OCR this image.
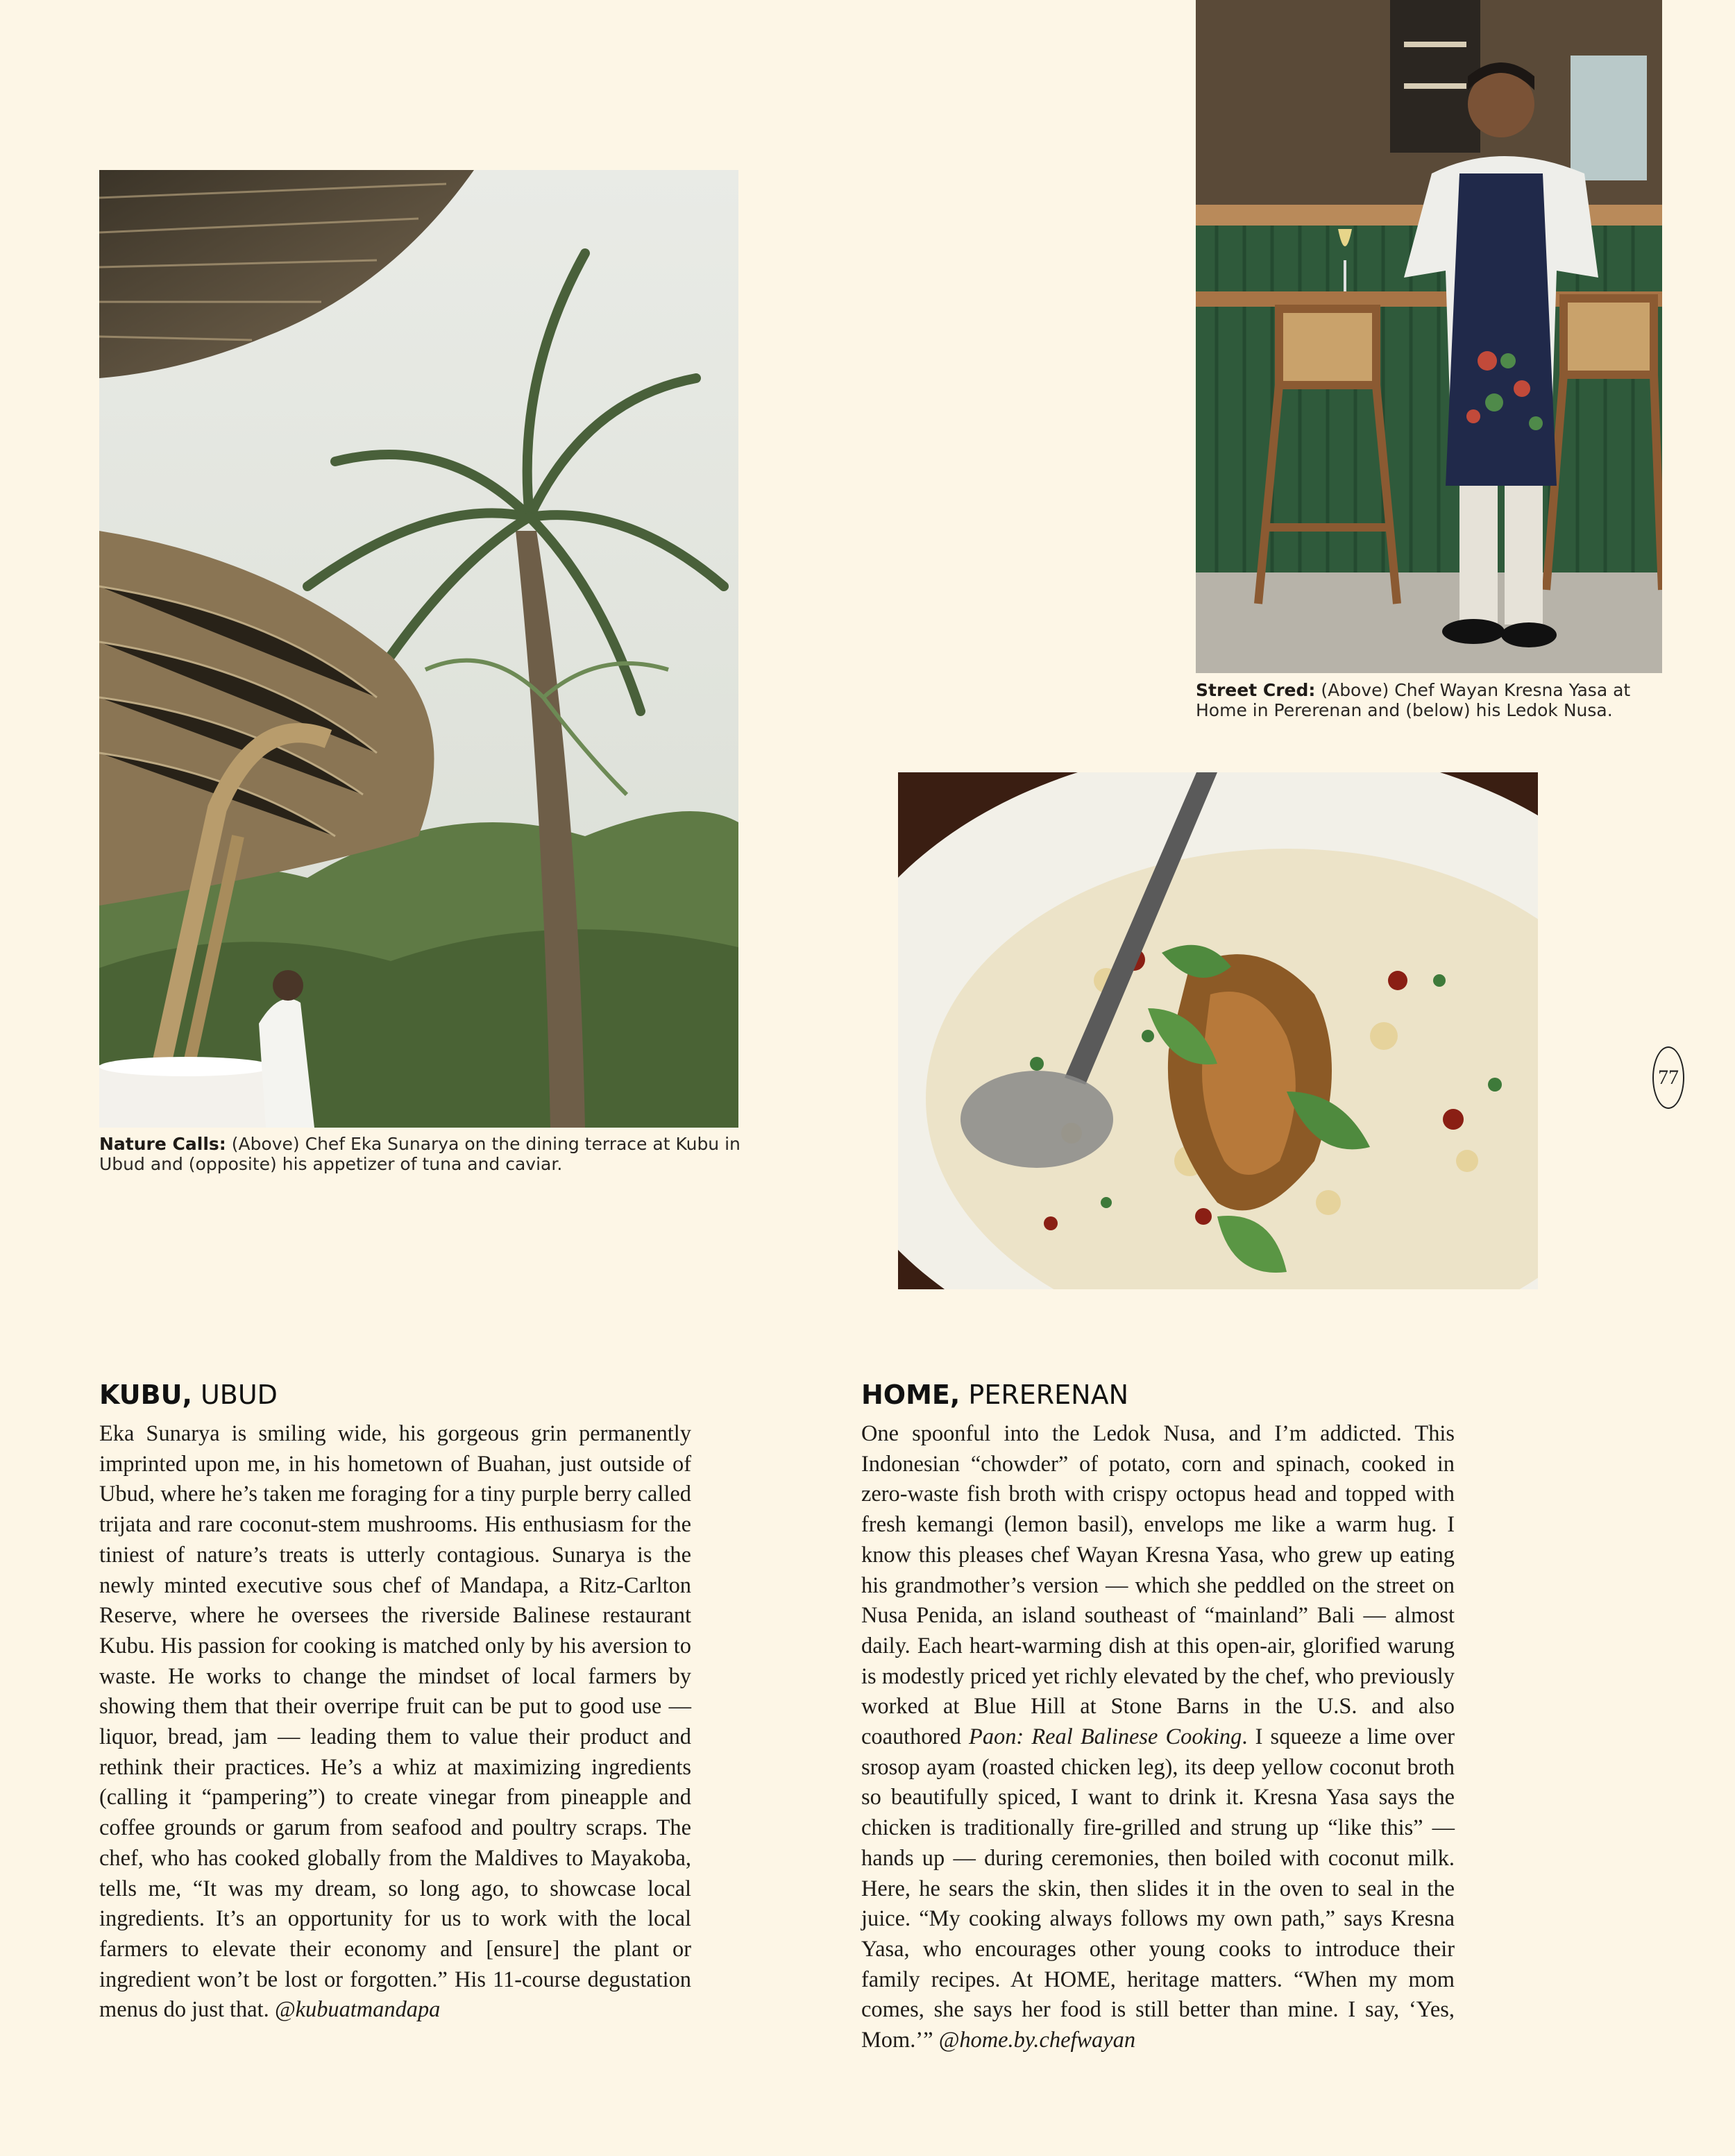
Nature Calls: (Above) Chef Eka Sunarya on the dining terrace at Kubu in Ubud and (opposite) his appetizer of tuna and caviar.
Street Cred: (Above) Chef Wayan Kresna Yasa at Home in Pererenan and (below) his Ledok Nusa.
77
KUBU, UBUD	HOME, PERERENAN

Eka Sunarya is smiling wide, his gorgeous grin permanently imprinted upon me, in his hometown of Buahan, just outside of Ubud, where he’s taken me foraging for a tiny purple berry called trijata and rare coconut-stem mushrooms. His enthusiasm for the tiniest of nature’s treats is utterly contagious. Sunarya is the newly minted executive sous chef of Mandapa, a Ritz-Carlton Reserve, where he oversees the riverside Balinese restaurant Kubu. His passion for cooking is matched only by his aversion to waste. He works to change the mindset of local farmers by showing them that their overripe fruit can be put to good use — liquor, bread, jam — leading them to value their product and rethink their practices. He’s a whiz at maximizing ingredients (calling it “pampering”) to create vinegar from pineapple and coffee grounds or garum from seafood and poultry scraps. The chef, who has cooked globally from the Maldives to Mayakoba, tells me, “It was my dream, so long ago, to showcase local ingredients. It’s an opportunity for us to work with the local farmers to elevate their economy and [ensure] the plant or ingredient won’t be lost or forgotten.” His 11-course degustation menus do just that. @kubuatmandapa

One spoonful into the Ledok Nusa, and I’m addicted. This Indonesian “chowder” of potato, corn and spinach, cooked in zero-waste fish broth with crispy octopus head and topped with fresh kemangi (lemon basil), envelops me like a warm hug. I know this pleases chef Wayan Kresna Yasa, who grew up eating his grandmother’s version — which she peddled on the street on Nusa Penida, an island southeast of “mainland” Bali — almost daily. Each heart-warming dish at this open-air, glorified warung is modestly priced yet richly elevated by the chef, who previously worked at Blue Hill at Stone Barns in the U.S. and also coauthored Paon: Real Balinese Cooking. I squeeze a lime over srosop ayam (roasted chicken leg), its deep yellow coconut broth so beautifully spiced, I want to drink it. Kresna Yasa says the chicken is traditionally fire-grilled and strung up “like this” — hands up — during ceremonies, then boiled with coconut milk. Here, he sears the skin, then slides it in the oven to seal in the juice. “My cooking always follows my own path,” says Kresna Yasa, who encourages other young cooks to introduce their family recipes. At HOME, heritage matters. “When my mom comes, she says her food is still better than mine. I say, ‘Yes, Mom.’” @home.by.chefwayan
